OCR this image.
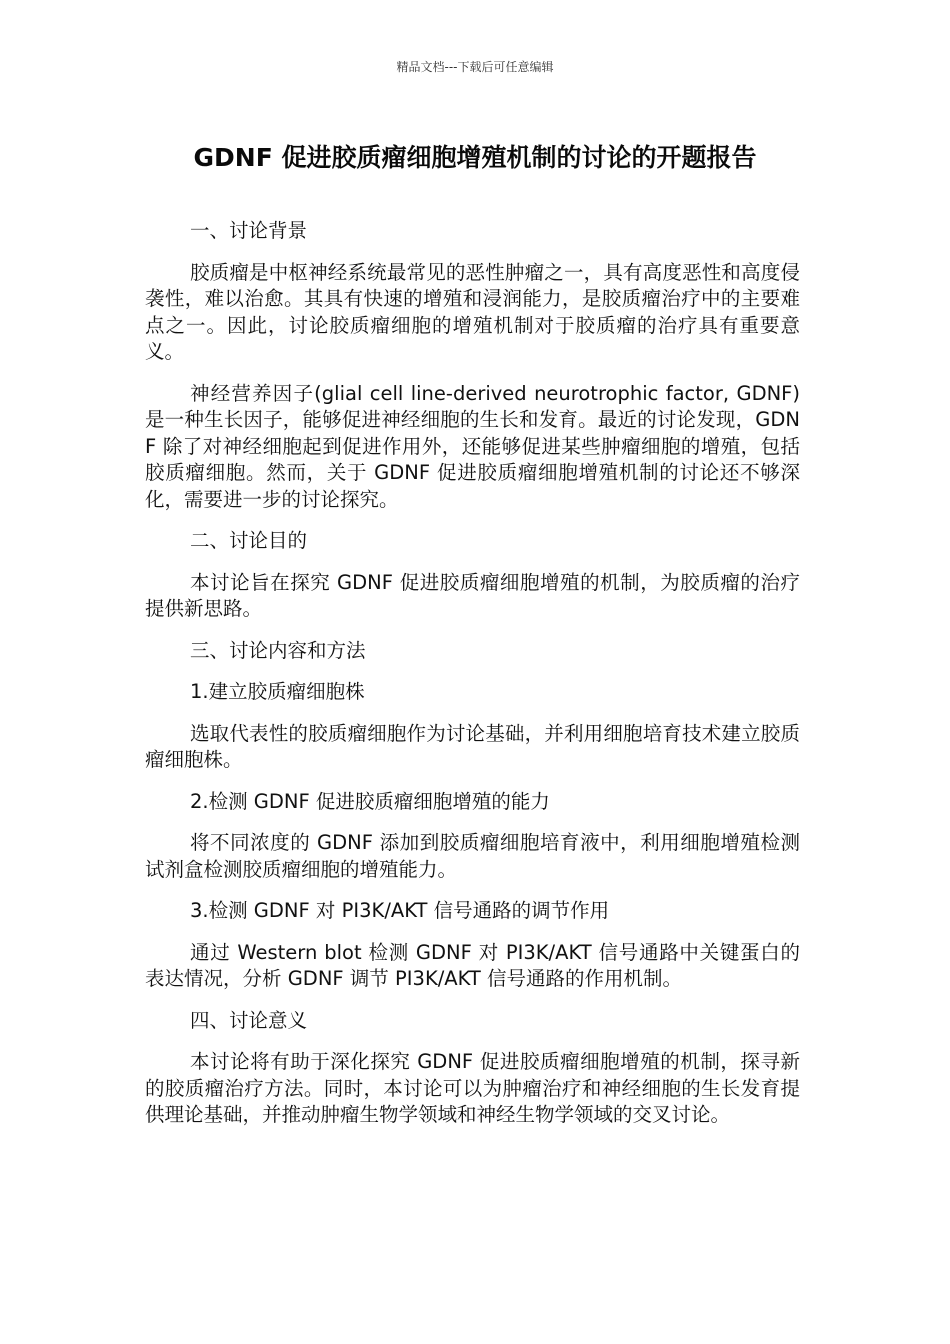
精品文档---下载后可任意编辑
GDNF 促进胶质瘤细胞增殖机制的讨论的开题报告
一、讨论背景
胶质瘤是中枢神经系统最常见的恶性肿瘤之一，具有高度恶性和高度侵袭性，难以治愈。其具有快速的增殖和浸润能力，是胶质瘤治疗中的主要难点之一。因此，讨论胶质瘤细胞的增殖机制对于胶质瘤的治疗具有重要意义。
神经营养因子(glial cell line-derived neurotrophic factor, GDNF)是一种生长因子，能够促进神经细胞的生长和发育。最近的讨论发现，GDNF 除了对神经细胞起到促进作用外，还能够促进某些肿瘤细胞的增殖，包括胶质瘤细胞。然而，关于 GDNF 促进胶质瘤细胞增殖机制的讨论还不够深化，需要进一步的讨论探究。
二、讨论目的
本讨论旨在探究 GDNF 促进胶质瘤细胞增殖的机制，为胶质瘤的治疗提供新思路。
三、讨论内容和方法
1.建立胶质瘤细胞株
选取代表性的胶质瘤细胞作为讨论基础，并利用细胞培育技术建立胶质瘤细胞株。
2.检测 GDNF 促进胶质瘤细胞增殖的能力
将不同浓度的 GDNF 添加到胶质瘤细胞培育液中，利用细胞增殖检测试剂盒检测胶质瘤细胞的增殖能力。
3.检测 GDNF 对 PI3K/AKT 信号通路的调节作用
通过 Western blot 检测 GDNF 对 PI3K/AKT 信号通路中关键蛋白的表达情况，分析 GDNF 调节 PI3K/AKT 信号通路的作用机制。
四、讨论意义
本讨论将有助于深化探究 GDNF 促进胶质瘤细胞增殖的机制，探寻新的胶质瘤治疗方法。同时，本讨论可以为肿瘤治疗和神经细胞的生长发育提供理论基础，并推动肿瘤生物学领域和神经生物学领域的交叉讨论。
